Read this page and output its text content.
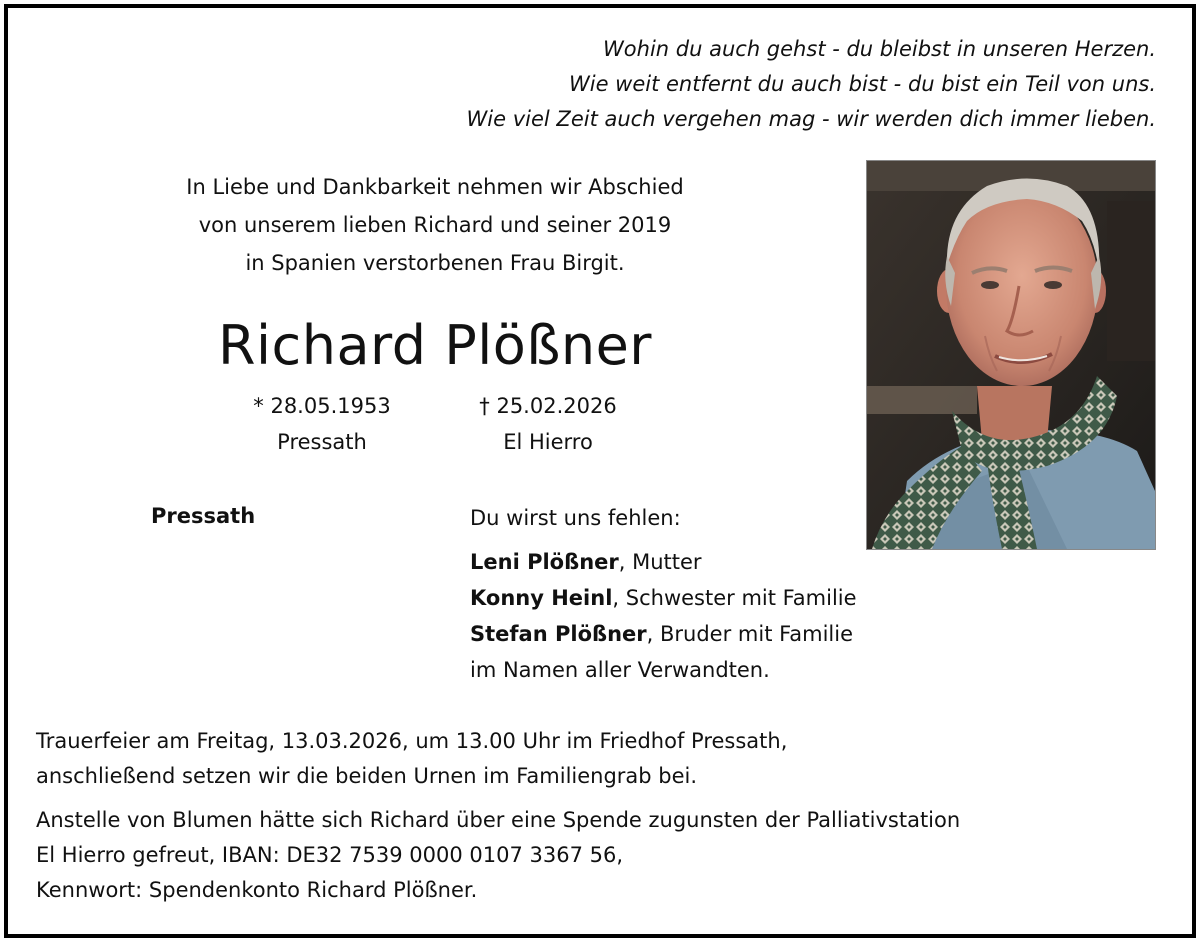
Wohin du auch gehst - du bleibst in unseren Herzen.
Wie weit entfernt du auch bist - du bist ein Teil von uns.
Wie viel Zeit auch vergehen mag - wir werden dich immer lieben.
In Liebe und Dankbarkeit nehmen wir Abschied
von unserem lieben Richard und seiner 2019
in Spanien verstorbenen Frau Birgit.
Richard Plößner
* 28.05.1953
Pressath
† 25.02.2026
El Hierro
Pressath	Du wirst uns fehlen:
Leni Plößner, Mutter
Konny Heinl, Schwester mit Familie
Stefan Plößner, Bruder mit Familie
im Namen aller Verwandten.
Trauerfeier am Freitag, 13.03.2026, um 13.00 Uhr im Friedhof Pressath,
anschließend setzen wir die beiden Urnen im Familiengrab bei.
Anstelle von Blumen hätte sich Richard über eine Spende zugunsten der Palliativstation
El Hierro gefreut, IBAN: DE32 7539 0000 0107 3367 56,
Kennwort: Spendenkonto Richard Plößner.
